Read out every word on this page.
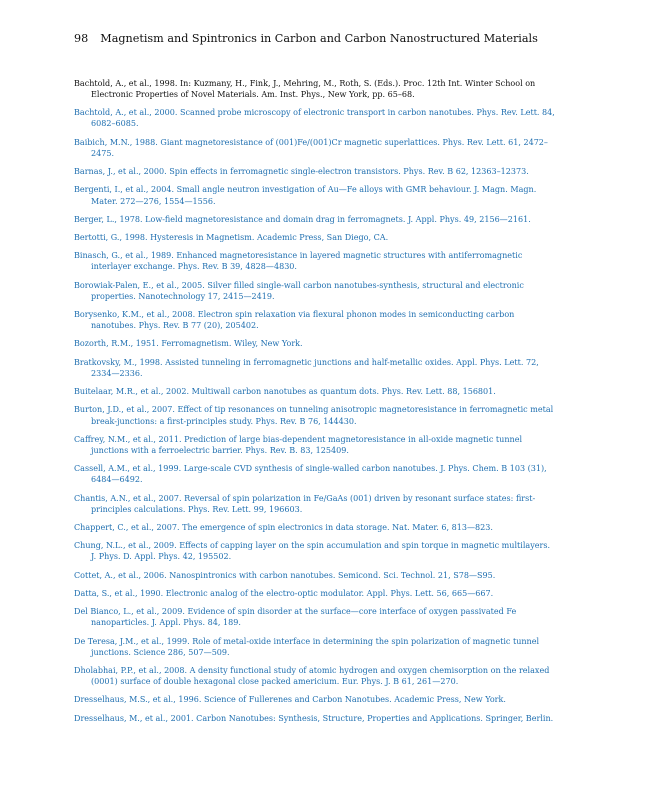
98 Magnetism and Spintronics in Carbon and Carbon Nanostructured Materials
Bachtold, A., et al., 1998. In: Kuzmany, H., Fink, J., Mehring, M., Roth, S. (Eds.). Proc. 12th Int. Winter School on Electronic Properties of Novel Materials. Am. Inst. Phys., New York, pp. 65–68.
Bachtold, A., et al., 2000. Scanned probe microscopy of electronic transport in carbon nanotubes. Phys. Rev. Lett. 84, 6082–6085.
Baibich, M.N., 1988. Giant magnetoresistance of (001)Fe/(001)Cr magnetic superlattices. Phys. Rev. Lett. 61, 2472–2475.
Barnas, J., et al., 2000. Spin effects in ferromagnetic single-electron transistors. Phys. Rev. B 62, 12363–12373.
Bergenti, I., et al., 2004. Small angle neutron investigation of Au—Fe alloys with GMR behaviour. J. Magn. Magn. Mater. 272—276, 1554—1556.
Berger, L., 1978. Low-field magnetoresistance and domain drag in ferromagnets. J. Appl. Phys. 49, 2156—2161.
Bertotti, G., 1998. Hysteresis in Magnetism. Academic Press, San Diego, CA.
Binasch, G., et al., 1989. Enhanced magnetoresistance in layered magnetic structures with antiferromagnetic interlayer exchange. Phys. Rev. B 39, 4828—4830.
Borowiak-Palen, E., et al., 2005. Silver filled single-wall carbon nanotubes-synthesis, structural and electronic properties. Nanotechnology 17, 2415—2419.
Borysenko, K.M., et al., 2008. Electron spin relaxation via flexural phonon modes in semiconducting carbon nanotubes. Phys. Rev. B 77 (20), 205402.
Bozorth, R.M., 1951. Ferromagnetism. Wiley, New York.
Bratkovsky, M., 1998. Assisted tunneling in ferromagnetic junctions and half-metallic oxides. Appl. Phys. Lett. 72, 2334—2336.
Buitelaar, M.R., et al., 2002. Multiwall carbon nanotubes as quantum dots. Phys. Rev. Lett. 88, 156801.
Burton, J.D., et al., 2007. Effect of tip resonances on tunneling anisotropic magnetoresistance in ferromagnetic metal break-junctions: a first-principles study. Phys. Rev. B 76, 144430.
Caffrey, N.M., et al., 2011. Prediction of large bias-dependent magnetoresistance in all-oxide magnetic tunnel junctions with a ferroelectric barrier. Phys. Rev. B. 83, 125409.
Cassell, A.M., et al., 1999. Large-scale CVD synthesis of single-walled carbon nanotubes. J. Phys. Chem. B 103 (31), 6484—6492.
Chantis, A.N., et al., 2007. Reversal of spin polarization in Fe/GaAs (001) driven by resonant surface states: first-principles calculations. Phys. Rev. Lett. 99, 196603.
Chappert, C., et al., 2007. The emergence of spin electronics in data storage. Nat. Mater. 6, 813—823.
Chung, N.L., et al., 2009. Effects of capping layer on the spin accumulation and spin torque in magnetic multilayers. J. Phys. D. Appl. Phys. 42, 195502.
Cottet, A., et al., 2006. Nanospintronics with carbon nanotubes. Semicond. Sci. Technol. 21, S78—S95.
Datta, S., et al., 1990. Electronic analog of the electro-optic modulator. Appl. Phys. Lett. 56, 665—667.
Del Bianco, L., et al., 2009. Evidence of spin disorder at the surface—core interface of oxygen passivated Fe nanoparticles. J. Appl. Phys. 84, 189.
De Teresa, J.M., et al., 1999. Role of metal-oxide interface in determining the spin polarization of magnetic tunnel junctions. Science 286, 507—509.
Dholabhai, P.P., et al., 2008. A density functional study of atomic hydrogen and oxygen chemisorption on the relaxed (0001) surface of double hexagonal close packed americium. Eur. Phys. J. B 61, 261—270.
Dresselhaus, M.S., et al., 1996. Science of Fullerenes and Carbon Nanotubes. Academic Press, New York.
Dresselhaus, M., et al., 2001. Carbon Nanotubes: Synthesis, Structure, Properties and Applications. Springer, Berlin.
